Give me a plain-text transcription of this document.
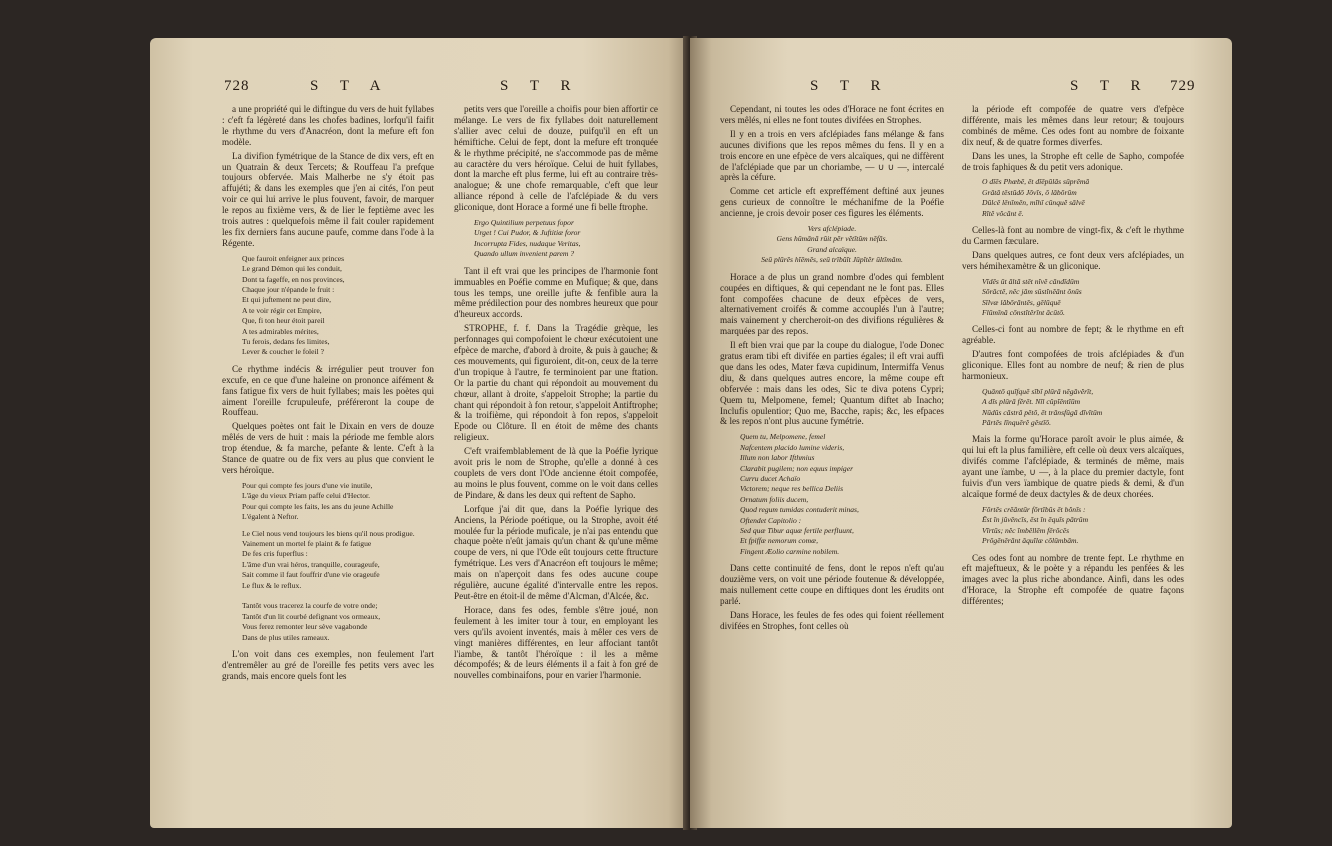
728	S T A	S T R

a une propriété qui le diftingue du vers de huit fyllabes : c'eft fa légèreté dans les chofes badines, lorfqu'il faifit le rhythme du vers d'Anacréon, dont la mefure eft fon modèle.

La divifion fymétrique de la Stance de dix vers, eft en un Quatrain & deux Tercets; & Rouffeau l'a prefque toujours obfervée. Mais Malherbe ne s'y étoit pas affujéti; & dans les exemples que j'en ai cités, l'on peut voir ce qui lui arrive le plus fouvent, favoir, de marquer le repos au fixième vers, & de lier le feptième avec les trois autres : quelquefois même il fait couler rapidement les fix derniers fans aucune paufe, comme dans l'ode à la Régente.

Que fauroit enfeigner aux princes
Le grand Démon qui les conduit,
Dont ta fageffe, en nos provinces,
Chaque jour n'épande le fruit :
Et qui juftement ne peut dire,
A te voir régir cet Empire,
Que, fi ton heur étoit pareil
A tes admirables mérites,
Tu ferois, dedans fes limites,
Lever & coucher le foleil ?

Ce rhythme indécis & irrégulier peut trouver fon excufe, en ce que d'une haleine on prononce aifément & fans fatigue fix vers de huit fyllabes; mais les poètes qui aiment l'oreille fcrupuleufe, préféreront la coupe de Rouffeau.

Quelques poètes ont fait le Dixain en vers de douze mêlés de vers de huit : mais la période me femble alors trop étendue, & fa marche, pefante & lente. C'eft à la Stance de quatre ou de fix vers au plus que convient le vers héroïque.

Pour qui compte fes jours d'une vie inutile,
L'âge du vieux Priam paffe celui d'Hector.
Pour qui compte les faits, les ans du jeune Achille
L'égalent à Neftor.
Le Ciel nous vend toujours les biens qu'il nous prodigue.
Vainement un mortel fe plaint & fe fatigue
De fes cris fuperflus :
L'âme d'un vrai héros, tranquille, courageufe,
Sait comme il faut fouffrir d'une vie orageufe
Le flux & le reflux.

Tantôt vous tracerez la courfe de votre onde;
Tantôt d'un lit courbé defignant vos ormeaux,
Vous ferez remonter leur sève vagabonde
Dans de plus utiles rameaux.

L'on voit dans ces exemples, non feulement l'art d'entremêler au gré de l'oreille fes petits vers avec les grands, mais encore quels font les

petits vers que l'oreille a choifis pour bien affortir ce mélange. Le vers de fix fyllabes doit naturellement s'allier avec celui de douze, puifqu'il en eft un hémiftiche. Celui de fept, dont la mefure eft tronquée & le rhythme précipité, ne s'accommode pas de même au caractère du vers héroïque. Celui de huit fyllabes, dont la marche eft plus ferme, lui eft au contraire très-analogue; & une chofe remarquable, c'eft que leur alliance répond à celle de l'afclépiade & du vers gliconique, dont Horace a formé une fi belle ftrophe.

Ergo Quintilium perpetuus fopor
Urget ! Cui Pudor, & Juftitiæ foror
Incorrupta Fides, nudaque Veritas,
Quando ullum invenient parem ?

Tant il eft vrai que les principes de l'harmonie font immuables en Poéfie comme en Mufique; & que, dans tous les temps, une oreille jufte & fenfible aura la même prédilection pour des nombres heureux que pour d'heureux accords.

STROPHE, f. f. Dans la Tragédie grèque, les perfonnages qui compofoient le chœur exécutoient une efpèce de marche, d'abord à droite, & puis à gauche; & ces mouvements, qui figuroient, dit-on, ceux de la terre d'un tropique à l'autre, fe terminoient par une ftation. Or la partie du chant qui répondoit au mouvement du chœur, allant à droite, s'appeloit Strophe; la partie du chant qui répondoit à fon retour, s'appeloit Antiftrophe; & la troifième, qui répondoit à fon repos, s'appeloit Epode ou Clôture. Il en étoit de même des chants religieux.

C'eft vraifemblablement de là que la Poéfie lyrique avoit pris le nom de Strophe, qu'elle a donné à ces couplets de vers dont l'Ode ancienne étoit compofée, au moins le plus fouvent, comme on le voit dans celles de Pindare, & dans les deux qui reftent de Sapho.

Lorfque j'ai dit que, dans la Poéfie lyrique des Anciens, la Période poétique, ou la Strophe, avoit été moulée fur la période muficale, je n'ai pas entendu que chaque poète n'eût jamais qu'un chant & qu'une même coupe de vers, ni que l'Ode eût toujours cette ftructure fymétrique. Les vers d'Anacréon eft toujours le même; mais on n'aperçoit dans fes odes aucune coupe régulière, aucune égalité d'intervalle entre les repos. Peut-être en étoit-il de même d'Alcman, d'Alcée, &c.

Horace, dans fes odes, femble s'être joué, non feulement à les imiter tour à tour, en employant les vers qu'ils avoient inventés, mais à mêler ces vers de vingt manières différentes, en leur affociant tantôt l'iambe, & tantôt l'héroïque : il les a même décompofés; & de leurs éléments il a fait à fon gré de nouvelles combinaifons, pour en varier l'harmonie.

S T R	S T R 729

Cependant, ni toutes les odes d'Horace ne font écrites en vers mêlés, ni elles ne font toutes divifées en Strophes.

Il y en a trois en vers afclépiades fans mélange & fans aucunes divifions que les repos mêmes du fens. Il y en a trois encore en une efpèce de vers alcaïques, qui ne diffèrent de l'afclépiade que par un choriambe, — ∪ ∪ —, intercalé après la céfure.

Comme cet article eft expreffément deftiné aux jeunes gens curieux de connoître le méchanifme de la Poéfie ancienne, je crois devoir poser ces figures les éléments.

Vers afclépiade.
Gens hūmānā rŭit pĕr vĕtĭtŭm nĕfās.
Grand alcaïque.
Seū plūrēs hĭēmēs, seū trĭbŭīt Jūpĭtĕr ūltĭmām.

Horace a de plus un grand nombre d'odes qui femblent coupées en diftiques, & qui cependant ne le font pas. Elles font compofées chacune de deux efpèces de vers, alternativement croifés & comme accouplés l'un à l'autre; mais vainement y chercheroit-on des divifions régulières & marquées par des repos.

Il eft bien vrai que par la coupe du dialogue, l'ode Donec gratus eram tibi eft divifée en parties égales; il eft vrai auffi que dans les odes, Mater fæva cupidinum, Intermiffa Venus diu, & dans quelques autres encore, la même coupe eft obfervée : mais dans les odes, Sic te diva potens Cypri; Quem tu, Melpomene, femel; Quantum diftet ab Inacho; Inclufis opulentior; Quo me, Bacche, rapis; &c, les efpaces & les repos n'ont plus aucune fymétrie.

Quem tu, Melpomene, femel
Nafcentem placido lumine videris,
Illum non labor Ifthmius
Clarabit pugilem; non equus impiger
Curru ducet Achaïo
Victorem; neque res bellica Deliis
Ornatum foliis ducem,
Quod regum tumidas contuderit minas,
Oftendet Capitolio :
Sed quæ Tibur aquæ fertile perfluunt,
Et fpiffæ nemorum comæ,
Fingent Æolio carmine nobilem.

Dans cette continuité de fens, dont le repos n'eft qu'au douzième vers, on voit une période foutenue & développée, mais nullement cette coupe en diftiques dont les érudits ont parlé.

Dans Horace, les feules de fes odes qui foient réellement divifées en Strophes, font celles où

la période eft compofée de quatre vers d'efpèce différente, mais les mêmes dans leur retour; & toujours combinés de même. Ces odes font au nombre de foixante dix neuf, & de quatre formes diverfes.

Dans les unes, la Strophe eft celle de Sapho, compofée de trois faphiques & du petit vers adonique.

O dĭĕs Phœbē, ēt dĭēpūlās sūprēmā
Grātā tĕstūdō Jŏvīs, ō lăbōrūm
Dūlcē lēnīmēn, mĭhī cūnquĕ sālvē
Rītĕ vŏcānt ē.

Celles-là font au nombre de vingt-fix, & c'eft le rhythme du Carmen fæculare.

Dans quelques autres, ce font deux vers afclépiades, un vers hémihexamètre & un gliconique.

Vĭdēs ūt āltā stēt nĭvĕ cāndĭdūm
Sōrāctē, nēc jām sūstĭnĕānt ŏnūs
Sĭlvæ lăbōrāntēs, gĕlūquĕ
Flūmĭnă cōnstĭtĕrīnt ăcūtō.

Celles-ci font au nombre de fept; & le rhythme en eft agréable.

D'autres font compofées de trois afclépiades & d'un gliconique. Elles font au nombre de neuf; & rien de plus harmonieux.

Quāntō quĭfquĕ sĭbī plūrā nĕgāvĕrĭt,
A dīs plūrā fĕrēt. Nīl cŭpĭēntĭūm
Nūdūs cāstrā pĕtō, ēt trānsfŭgā dīvĭtūm
Pārtēs līnquĕrĕ gēstĭō.

Mais la forme qu'Horace paroît avoir le plus aimée, & qui lui eft la plus familière, eft celle où deux vers alcaïques, divifés comme l'afclépiade, & terminés de même, mais ayant une ïambe, ∪ —, à la place du premier dactyle, font fuivis d'un vers ïambique de quatre pieds & demi, & d'un alcaïque formé de deux dactyles & de deux chorées.

Fōrtēs crĕāntūr fōrtĭbūs ēt bŏnīs :
Ēst īn jŭvēncīs, ēst īn ĕquīs pătrūm
Vīrtūs; nĕc īmbēllēm fĕrōcēs
Prōgĕnĕrānt ăquĭlæ cŏlūmbām.

Ces odes font au nombre de trente fept. Le rhythme en eft majeftueux, & le poète y a répandu les penfées & les images avec la plus riche abondance. Ainfi, dans les odes d'Horace, la Strophe eft compofée de quatre façons différentes;
